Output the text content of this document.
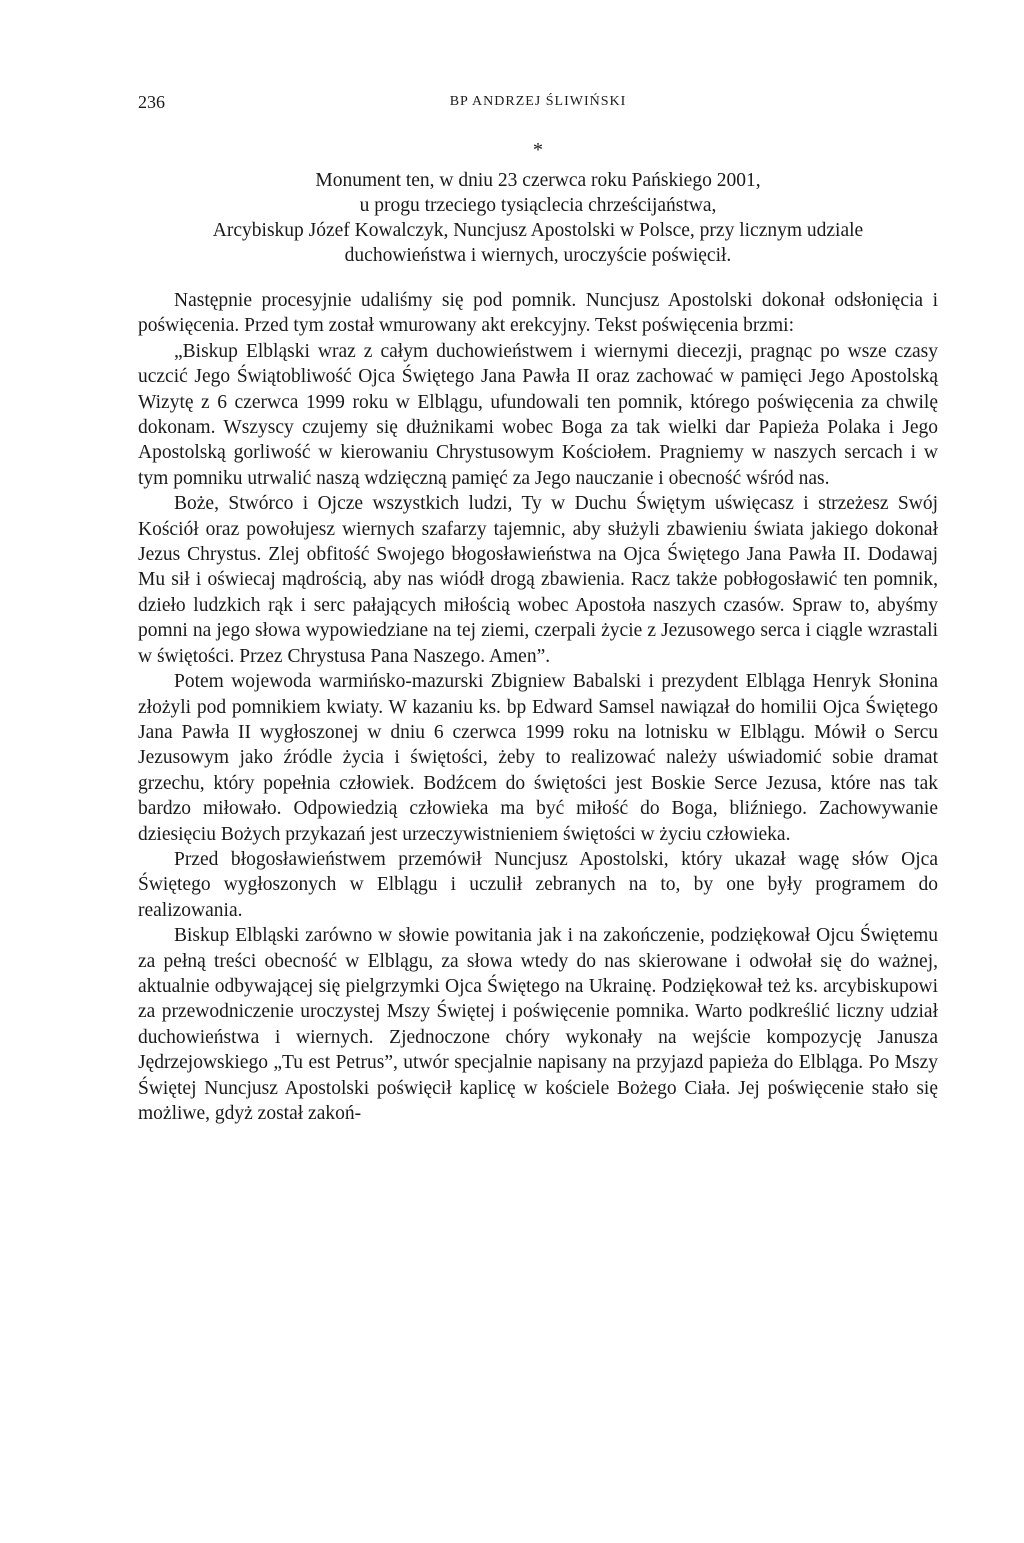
236	BP ANDRZEJ ŚLIWIŃSKI
*
Monument ten, w dniu 23 czerwca roku Pańskiego 2001,
u progu trzeciego tysiąclecia chrześcijaństwa,
Arcybiskup Józef Kowalczyk, Nuncjusz Apostolski w Polsce, przy licznym udziale
duchowieństwa i wiernych, uroczyście poświęcił.

Następnie procesyjnie udaliśmy się pod pomnik. Nuncjusz Apostolski dokonał odsłonięcia i poświęcenia. Przed tym został wmurowany akt erekcyjny. Tekst poświęcenia brzmi:

„Biskup Elbląski wraz z całym duchowieństwem i wiernymi diecezji, pragnąc po wsze czasy uczcić Jego Świątobliwość Ojca Świętego Jana Pawła II oraz zachować w pamięci Jego Apostolską Wizytę z 6 czerwca 1999 roku w Elblągu, ufundowali ten pomnik, którego poświęcenia za chwilę dokonam. Wszyscy czujemy się dłużnikami wobec Boga za tak wielki dar Papieża Polaka i Jego Apostolską gorliwość w kierowaniu Chrystusowym Kościołem. Pragniemy w naszych sercach i w tym pomniku utrwalić naszą wdzięczną pamięć za Jego nauczanie i obecność wśród nas.

Boże, Stwórco i Ojcze wszystkich ludzi, Ty w Duchu Świętym uświęcasz i strzeżesz Swój Kościół oraz powołujesz wiernych szafarzy tajemnic, aby służyli zbawieniu świata jakiego dokonał Jezus Chrystus. Zlej obfitość Swojego błogosławieństwa na Ojca Świętego Jana Pawła II. Dodawaj Mu sił i oświecaj mądrością, aby nas wiódł drogą zbawienia. Racz także pobłogosławić ten pomnik, dzieło ludzkich rąk i serc pałających miłością wobec Apostoła naszych czasów. Spraw to, abyśmy pomni na jego słowa wypowiedziane na tej ziemi, czerpali życie z Jezusowego serca i ciągle wzrastali w świętości. Przez Chrystusa Pana Naszego. Amen”.

Potem wojewoda warmińsko-mazurski Zbigniew Babalski i prezydent Elbląga Henryk Słonina złożyli pod pomnikiem kwiaty. W kazaniu ks. bp Edward Samsel nawiązał do homilii Ojca Świętego Jana Pawła II wygłoszonej w dniu 6 czerwca 1999 roku na lotnisku w Elblągu. Mówił o Sercu Jezusowym jako źródle życia i świętości, żeby to realizować należy uświadomić sobie dramat grzechu, który popełnia człowiek. Bodźcem do świętości jest Boskie Serce Jezusa, które nas tak bardzo miłowało. Odpowiedzią człowieka ma być miłość do Boga, bliźniego. Zachowywanie dziesięciu Bożych przykazań jest urzeczywistnieniem świętości w życiu człowieka.

Przed błogosławieństwem przemówił Nuncjusz Apostolski, który ukazał wagę słów Ojca Świętego wygłoszonych w Elblągu i uczulił zebranych na to, by one były programem do realizowania.

Biskup Elbląski zarówno w słowie powitania jak i na zakończenie, podziękował Ojcu Świętemu za pełną treści obecność w Elblągu, za słowa wtedy do nas skierowane i odwołał się do ważnej, aktualnie odbywającej się pielgrzymki Ojca Świętego na Ukrainę. Podziękował też ks. arcybiskupowi za przewodniczenie uroczystej Mszy Świętej i poświęcenie pomnika. Warto podkreślić liczny udział duchowieństwa i wiernych. Zjednoczone chóry wykonały na wejście kompozycję Janusza Jędrzejowskiego „Tu est Petrus”, utwór specjalnie napisany na przyjazd papieża do Elbląga. Po Mszy Świętej Nuncjusz Apostolski poświęcił kaplicę w kościele Bożego Ciała. Jej poświęcenie stało się możliwe, gdyż został zakoń-
